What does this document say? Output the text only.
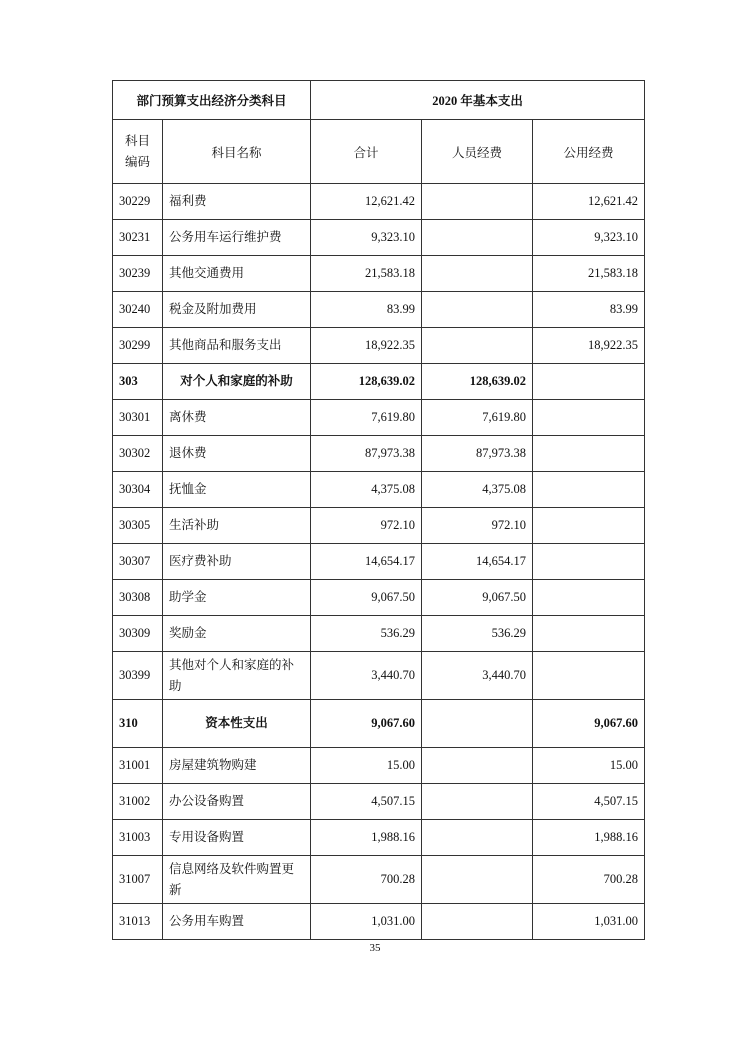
部门预算支出经济分类科目		2020 年基本支出		
科目
编码	科目名称	合计	人员经费	公用经费
30229	福利费	12,621.42		12,621.42
30231	公务用车运行维护费	9,323.10		9,323.10
30239	其他交通费用	21,583.18		21,583.18
30240	税金及附加费用	83.99		83.99
30299	其他商品和服务支出	18,922.35		18,922.35
303	对个人和家庭的补助	128,639.02	128,639.02	
30301	离休费	7,619.80	7,619.80	
30302	退休费	87,973.38	87,973.38	
30304	抚恤金	4,375.08	4,375.08	
30305	生活补助	972.10	972.10	
30307	医疗费补助	14,654.17	14,654.17	
30308	助学金	9,067.50	9,067.50	
30309	奖励金	536.29	536.29	
30399	其他对个人和家庭的补助	3,440.70	3,440.70	
310	资本性支出	9,067.60		9,067.60
31001	房屋建筑物购建	15.00		15.00
31002	办公设备购置	4,507.15		4,507.15
31003	专用设备购置	1,988.16		1,988.16
31007	信息网络及软件购置更新	700.28		700.28
31013	公务用车购置	1,031.00		1,031.00
35
